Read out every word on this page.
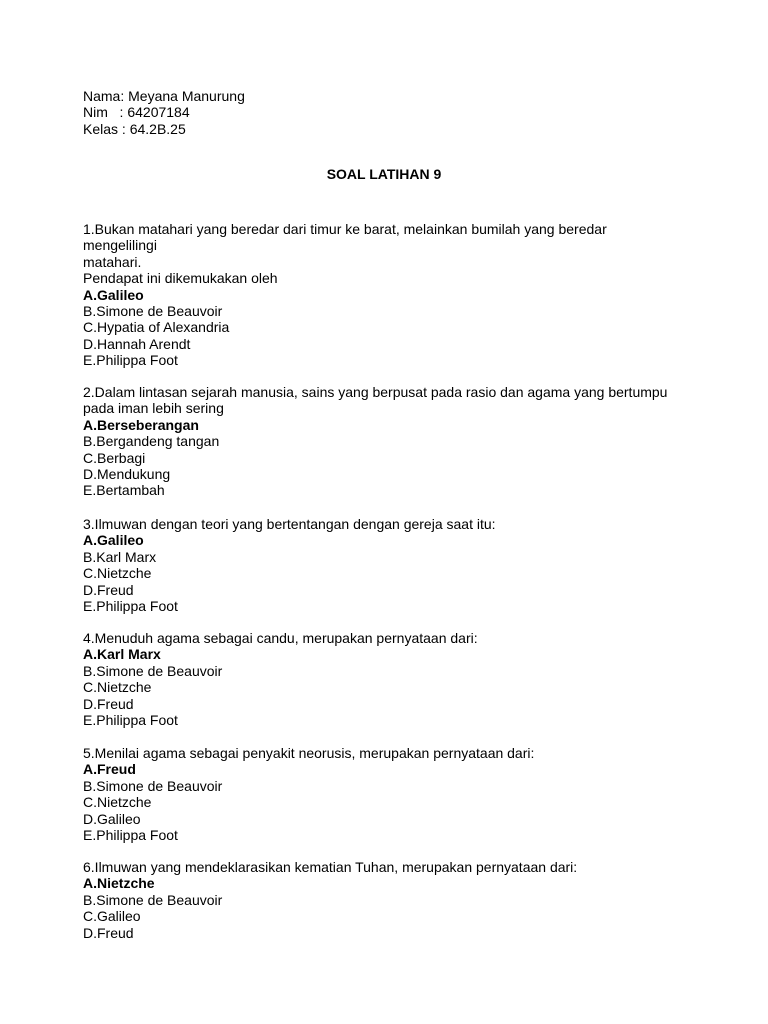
Nama: Meyana Manurung
Nim   : 64207184
Kelas : 64.2B.25
SOAL LATIHAN 9
1.Bukan matahari yang beredar dari timur ke barat, melainkan bumilah yang beredar mengelilingi
matahari.
Pendapat ini dikemukakan oleh
A.Galileo
B.Simone de Beauvoir
C.Hypatia of Alexandria
D.Hannah Arendt
E.Philippa Foot
2.Dalam lintasan sejarah manusia, sains yang berpusat pada rasio dan agama yang bertumpu
pada iman lebih sering
A.Berseberangan
B.Bergandeng tangan
C.Berbagi
D.Mendukung
E.Bertambah
3.Ilmuwan dengan teori yang bertentangan dengan gereja saat itu:
A.Galileo
B.Karl Marx
C.Nietzche
D.Freud
E.Philippa Foot
4.Menuduh agama sebagai candu, merupakan pernyataan dari:
A.Karl Marx
B.Simone de Beauvoir
C.Nietzche
D.Freud
E.Philippa Foot
5.Menilai agama sebagai penyakit neorusis, merupakan pernyataan dari:
A.Freud
B.Simone de Beauvoir
C.Nietzche
D.Galileo
E.Philippa Foot
6.Ilmuwan yang mendeklarasikan kematian Tuhan, merupakan pernyataan dari:
A.Nietzche
B.Simone de Beauvoir
C.Galileo
D.Freud
